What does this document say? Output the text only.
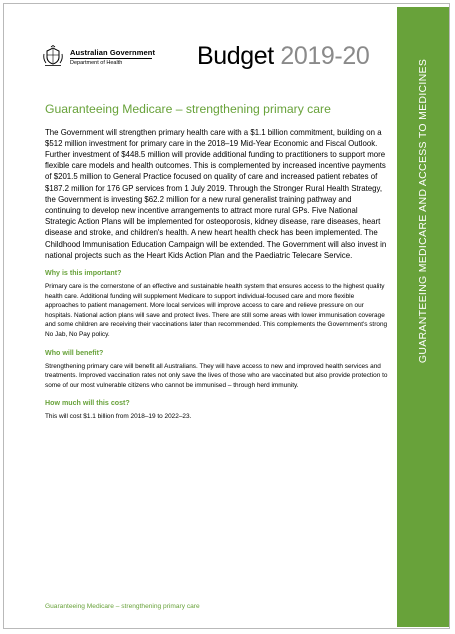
Australian Government
Department of Health	Budget 2019-20
GUARANTEEING MEDICARE AND ACCESS TO MEDICINES
Guaranteeing Medicare – strengthening primary care

The Government will strengthen primary health care with a $1.1 billion commitment, building on a $512 million investment for primary care in the 2018–19 Mid-Year Economic and Fiscal Outlook. Further investment of $448.5 million will provide additional funding to practitioners to support more flexible care models and health outcomes. This is complemented by increased incentive payments of $201.5 million to General Practice focused on quality of care and increased patient rebates of $187.2 million for 176 GP services from 1 July 2019. Through the Stronger Rural Health Strategy, the Government is investing $62.2 million for a new rural generalist training pathway and continuing to develop new incentive arrangements to attract more rural GPs. Five National Strategic Action Plans will be implemented for osteoporosis, kidney disease, rare diseases, heart disease and stroke, and children's health. A new heart health check has been implemented. The Childhood Immunisation Education Campaign will be extended. The Government will also invest in national projects such as the Heart Kids Action Plan and the Paediatric Telecare Service.

Why is this important?

Primary care is the cornerstone of an effective and sustainable health system that ensures access to the highest quality health care. Additional funding will supplement Medicare to support individual-focused care and more flexible approaches to patient management. More local services will improve access to care and relieve pressure on our hospitals. National action plans will save and protect lives. There are still some areas with lower immunisation coverage and some children are receiving their vaccinations later than recommended. This complements the Government's strong No Jab, No Pay policy.

Who will benefit?

Strengthening primary care will benefit all Australians. They will have access to new and improved health services and treatments. Improved vaccination rates not only save the lives of those who are vaccinated but also provide protection to some of our most vulnerable citizens who cannot be immunised – through herd immunity.

How much will this cost?

This will cost $1.1 billion from 2018–19 to 2022–23.

Guaranteeing Medicare – strengthening primary care
